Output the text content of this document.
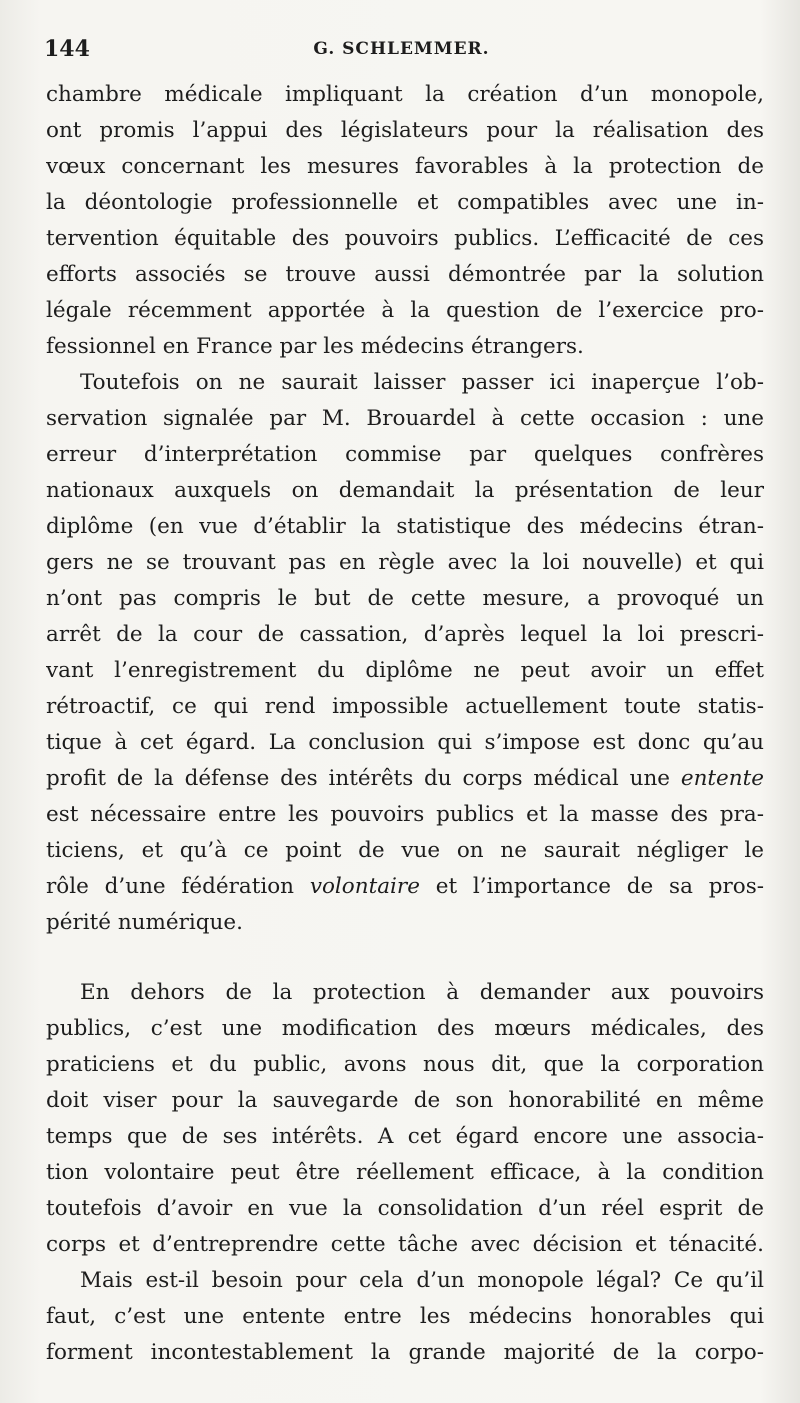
144	G. SCHLEMMER.
chambre médicale impliquant la création d’un monopole,
ont promis l’appui des législateurs pour la réalisation des
vœux concernant les mesures favorables à la protection de
la déontologie professionnelle et compatibles avec une in-
tervention équitable des pouvoirs publics. L’efficacité de ces
efforts associés se trouve aussi démontrée par la solution
légale récemment apportée à la question de l’exercice pro-
fessionnel en France par les médecins étrangers.
Toutefois on ne saurait laisser passer ici inaperçue l’ob-
servation signalée par M. Brouardel à cette occasion : une
erreur d’interprétation commise par quelques confrères
nationaux auxquels on demandait la présentation de leur
diplôme (en vue d’établir la statistique des médecins étran-
gers ne se trouvant pas en règle avec la loi nouvelle) et qui
n’ont pas compris le but de cette mesure, a provoqué un
arrêt de la cour de cassation, d’après lequel la loi prescri-
vant l’enregistrement du diplôme ne peut avoir un effet
rétroactif, ce qui rend impossible actuellement toute statis-
tique à cet égard. La conclusion qui s’impose est donc qu’au
profit de la défense des intérêts du corps médical une entente
est nécessaire entre les pouvoirs publics et la masse des pra-
ticiens, et qu’à ce point de vue on ne saurait négliger le
rôle d’une fédération volontaire et l’importance de sa pros-
périté numérique.
En dehors de la protection à demander aux pouvoirs
publics, c’est une modification des mœurs médicales, des
praticiens et du public, avons nous dit, que la corporation
doit viser pour la sauvegarde de son honorabilité en même
temps que de ses intérêts. A cet égard encore une associa-
tion volontaire peut être réellement efficace, à la condition
toutefois d’avoir en vue la consolidation d’un réel esprit de
corps et d’entreprendre cette tâche avec décision et ténacité.
Mais est-il besoin pour cela d’un monopole légal? Ce qu’il
faut, c’est une entente entre les médecins honorables qui
forment incontestablement la grande majorité de la corpo-
